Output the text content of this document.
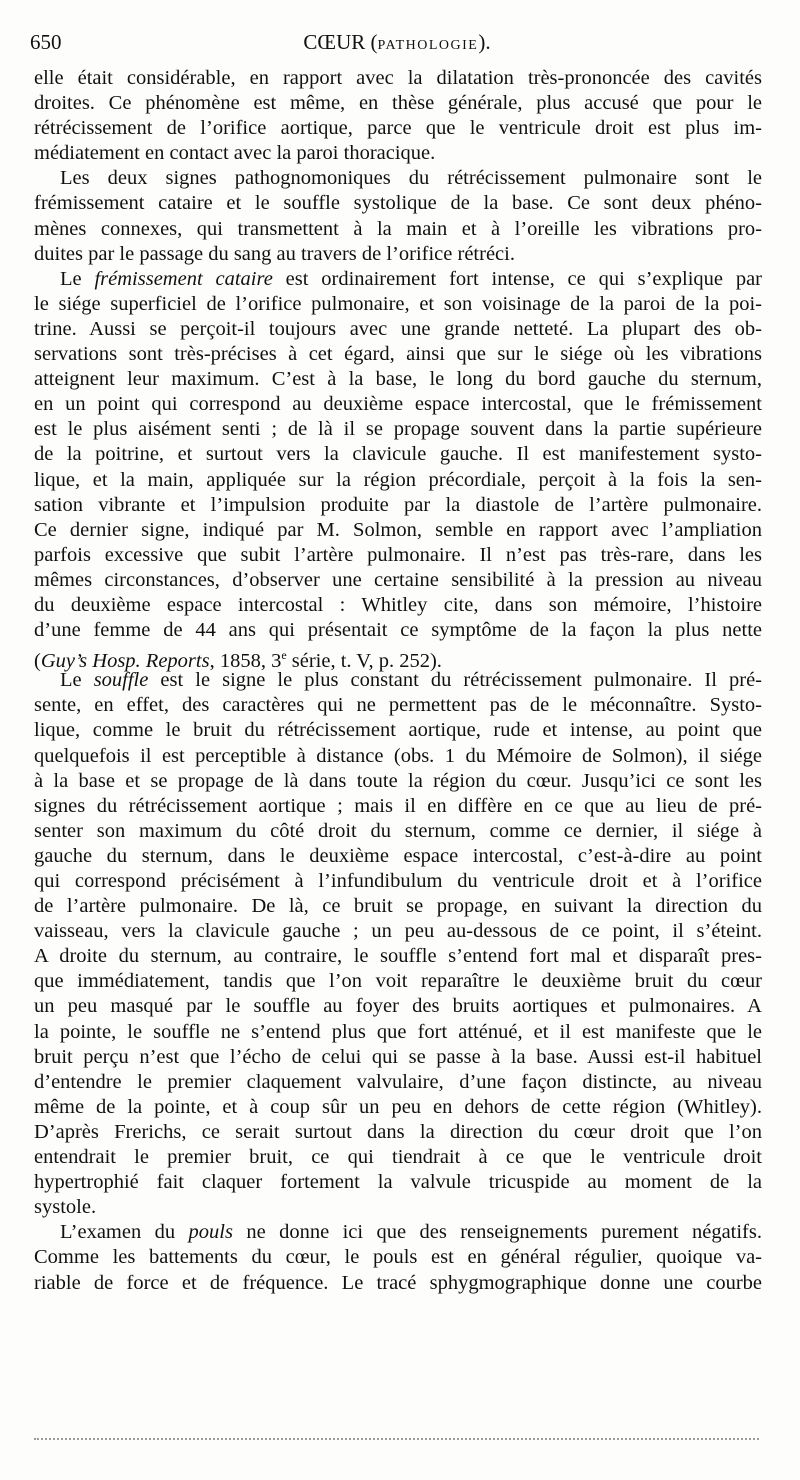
650	CŒUR (PATHOLOGIE).
elle était considérable, en rapport avec la dilatation très-prononcée des cavités
droites. Ce phénomène est même, en thèse générale, plus accusé que pour le
rétrécissement de l’orifice aortique, parce que le ventricule droit est plus im-
médiatement en contact avec la paroi thoracique.
Les deux signes pathognomoniques du rétrécissement pulmonaire sont le
frémissement cataire et le souffle systolique de la base. Ce sont deux phéno-
mènes connexes, qui transmettent à la main et à l’oreille les vibrations pro-
duites par le passage du sang au travers de l’orifice rétréci.
Le frémissement cataire est ordinairement fort intense, ce qui s’explique par
le siége superficiel de l’orifice pulmonaire, et son voisinage de la paroi de la poi-
trine. Aussi se perçoit-il toujours avec une grande netteté. La plupart des ob-
servations sont très-précises à cet égard, ainsi que sur le siége où les vibrations
atteignent leur maximum. C’est à la base, le long du bord gauche du sternum,
en un point qui correspond au deuxième espace intercostal, que le frémissement
est le plus aisément senti ; de là il se propage souvent dans la partie supérieure
de la poitrine, et surtout vers la clavicule gauche. Il est manifestement systo-
lique, et la main, appliquée sur la région précordiale, perçoit à la fois la sen-
sation vibrante et l’impulsion produite par la diastole de l’artère pulmonaire.
Ce dernier signe, indiqué par M. Solmon, semble en rapport avec l’ampliation
parfois excessive que subit l’artère pulmonaire. Il n’est pas très-rare, dans les
mêmes circonstances, d’observer une certaine sensibilité à la pression au niveau
du deuxième espace intercostal : Whitley cite, dans son mémoire, l’histoire
d’une femme de 44 ans qui présentait ce symptôme de la façon la plus nette
(Guy’s Hosp. Reports, 1858, 3e série, t. V, p. 252).
Le souffle est le signe le plus constant du rétrécissement pulmonaire. Il pré-
sente, en effet, des caractères qui ne permettent pas de le méconnaître. Systo-
lique, comme le bruit du rétrécissement aortique, rude et intense, au point que
quelquefois il est perceptible à distance (obs. 1 du Mémoire de Solmon), il siége
à la base et se propage de là dans toute la région du cœur. Jusqu’ici ce sont les
signes du rétrécissement aortique ; mais il en diffère en ce que au lieu de pré-
senter son maximum du côté droit du sternum, comme ce dernier, il siége à
gauche du sternum, dans le deuxième espace intercostal, c’est-à-dire au point
qui correspond précisément à l’infundibulum du ventricule droit et à l’orifice
de l’artère pulmonaire. De là, ce bruit se propage, en suivant la direction du
vaisseau, vers la clavicule gauche ; un peu au-dessous de ce point, il s’éteint.
A droite du sternum, au contraire, le souffle s’entend fort mal et disparaît pres-
que immédiatement, tandis que l’on voit reparaître le deuxième bruit du cœur
un peu masqué par le souffle au foyer des bruits aortiques et pulmonaires. A
la pointe, le souffle ne s’entend plus que fort atténué, et il est manifeste que le
bruit perçu n’est que l’écho de celui qui se passe à la base. Aussi est-il habituel
d’entendre le premier claquement valvulaire, d’une façon distincte, au niveau
même de la pointe, et à coup sûr un peu en dehors de cette région (Whitley).
D’après Frerichs, ce serait surtout dans la direction du cœur droit que l’on
entendrait le premier bruit, ce qui tiendrait à ce que le ventricule droit
hypertrophié fait claquer fortement la valvule tricuspide au moment de la
systole.
L’examen du pouls ne donne ici que des renseignements purement négatifs.
Comme les battements du cœur, le pouls est en général régulier, quoique va-
riable de force et de fréquence. Le tracé sphygmographique donne une courbe
